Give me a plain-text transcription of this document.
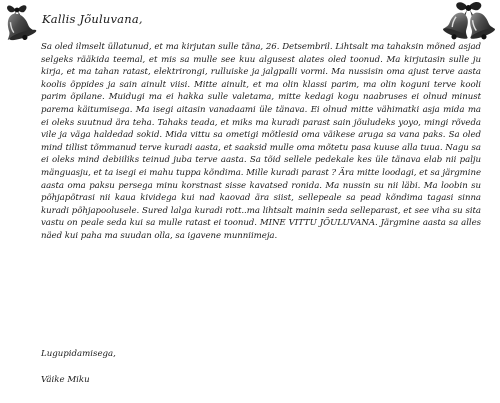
Kallis Jõuluvana,
Sa oled ilmselt üllatunud, et ma kirjutan sulle täna, 26. Detsembril. Lihtsalt ma tahaksin mõned asjad selgeks rääkida teemal, et mis sa mulle see kuu algusest alates oled toonud. Ma kirjutasin sulle ju kirja, et ma tahan ratast, elektrirongi, rulluiske ja jalgpalli vormi. Ma nussisin oma ajust terve aasta koolis õppides ja sain ainult viisi. Mitte ainult, et ma olin klassi parim, ma olin koguni terve kooli parim õpilane. Muidugi ma ei hakka sulle valetama, mitte kedagi kogu naabruses ei olnud minust parema käitumisega. Ma isegi aitasin vanadaami üle tänava. Ei olnud mitte vähimatki asja mida ma ei oleks suutnud ära teha. Tahaks teada, et miks ma kuradi parast sain jõuludeks yoyo, mingi rõveda vile ja väga haldedad sokid. Mida vittu sa ometigi mõtlesid oma väikese aruga sa vana paks. Sa oled mind tillist tõmmanud terve kuradi aasta, et saaksid mulle oma mõtetu pasa kuuse alla tuua. Nagu sa ei oleks mind debiiliks teinud juba terve aasta. Sa tõid sellele pedekale kes üle tänava elab nii palju mänguasju, et ta isegi ei mahu tuppa kõndima. Mille kuradi parast ? Ära mitte loodagi, et sa järgmine aasta oma paksu persega minu korstnast sisse kavatsed ronida. Ma nussin su nii läbi. Ma loobin su põhjapõtrasi nii kaua kividega kui nad kaovad ära siist, sellepeale sa pead kõndima tagasi sinna kuradi põhjapoolusele. Sured lalga kuradi rott..ma lihtsalt mainin seda selleparast, et see viha su sita vastu on peale seda kui sa mulle ratast ei toonud. MINE VITTU JÕULUVANA. Järgmine aasta sa alles näed kui paha ma suudan olla, sa igavene munniimeja.
Lugupidamisega,
Väike Miku
